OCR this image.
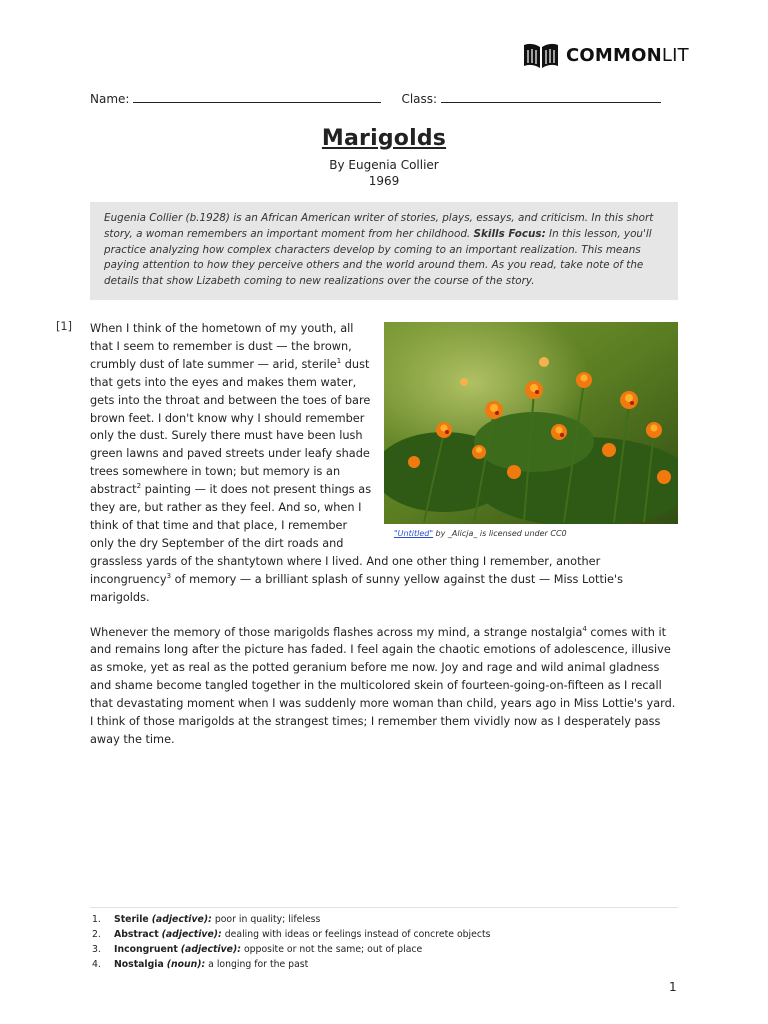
COMMONLIT
Name:	Class:
Marigolds
By Eugenia Collier
1969
Eugenia Collier (b.1928) is an African American writer of stories, plays, essays, and criticism. In this short story, a woman remembers an important moment from her childhood. Skills Focus: In this lesson, you'll practice analyzing how complex characters develop by coming to an important realization. This means paying attention to how they perceive others and the world around them. As you read, take note of the details that show Lizabeth coming to new realizations over the course of the story.
[1]

"Untitled" by _Alicja_ is licensed under CC0
When I think of the hometown of my youth, all that I seem to remember is dust — the brown, crumbly dust of late summer — arid, sterile$^1$ dust that gets into the eyes and makes them water, gets into the throat and between the toes of bare brown feet. I don't know why I should remember only the dust. Surely there must have been lush green lawns and paved streets under leafy shade trees somewhere in town; but memory is an abstract$^2$ painting — it does not present things as they are, but rather as they feel. And so, when I think of that time and that place, I remember only the dry September of the dirt roads and grassless yards of the shantytown where I lived. And one other thing I remember, another incongruency$^3$ of memory — a brilliant splash of sunny yellow against the dust — Miss Lottie's marigolds.

Whenever the memory of those marigolds flashes across my mind, a strange nostalgia$^4$ comes with it and remains long after the picture has faded. I feel again the chaotic emotions of adolescence, illusive as smoke, yet as real as the potted geranium before me now. Joy and rage and wild animal gladness and shame become tangled together in the multicolored skein of fourteen-going-on-fifteen as I recall that devastating moment when I was suddenly more woman than child, years ago in Miss Lottie's yard. I think of those marigolds at the strangest times; I remember them vividly now as I desperately pass away the time.

1.	Sterile
(adjective): poor in quality; lifeless
2.	Abstract
(adjective): dealing with ideas or feelings instead of concrete objects
3.	Incongruent
(adjective): opposite or not the same; out of place
4.	Nostalgia
(noun): a longing for the past
1
